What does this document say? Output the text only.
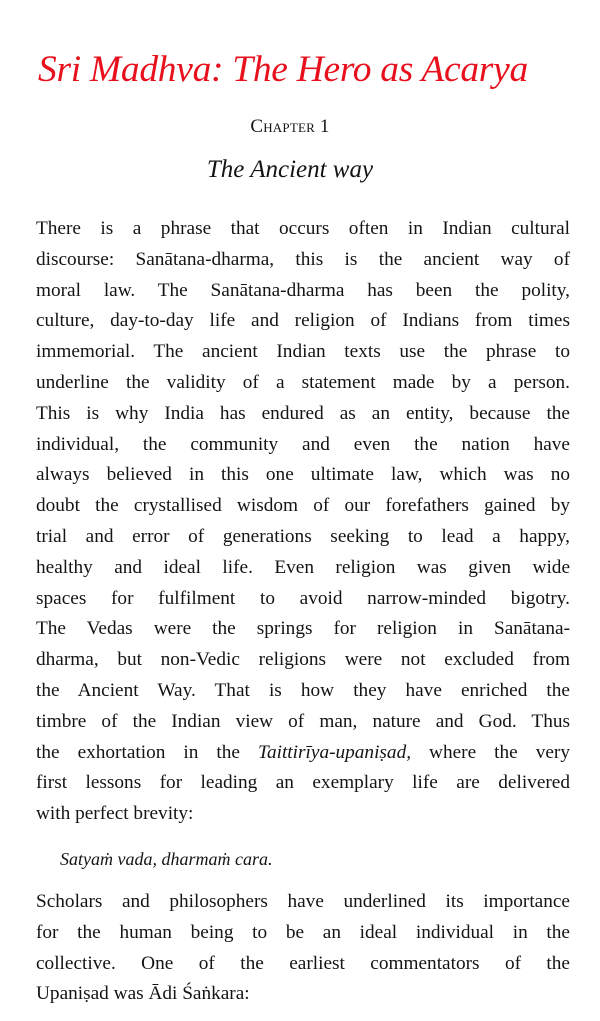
Sri Madhva: The Hero as Acarya
Chapter 1
The Ancient way
There is a phrase that occurs often in Indian cultural
discourse: Sanātana-dharma, this is the ancient way of
moral law. The Sanātana-dharma has been the polity,
culture, day-to-day life and religion of Indians from times
immemorial. The ancient Indian texts use the phrase to
underline the validity of a statement made by a person.
This is why India has endured as an entity, because the
individual, the community and even the nation have
always believed in this one ultimate law, which was no
doubt the crystallised wisdom of our forefathers gained by
trial and error of generations seeking to lead a happy,
healthy and ideal life. Even religion was given wide
spaces for fulfilment to avoid narrow-minded bigotry.
The Vedas were the springs for religion in Sanātana-
dharma, but non-Vedic religions were not excluded from
the Ancient Way. That is how they have enriched the
timbre of the Indian view of man, nature and God. Thus
the exhortation in the Taittirīya-upaniṣad, where the very
first lessons for leading an exemplary life are delivered
with perfect brevity:

Satyaṁ vada, dharmaṁ cara.

Scholars and philosophers have underlined its importance
for the human being to be an ideal individual in the
collective. One of the earliest commentators of the
Upaniṣad was Ādi Śaṅkara:
